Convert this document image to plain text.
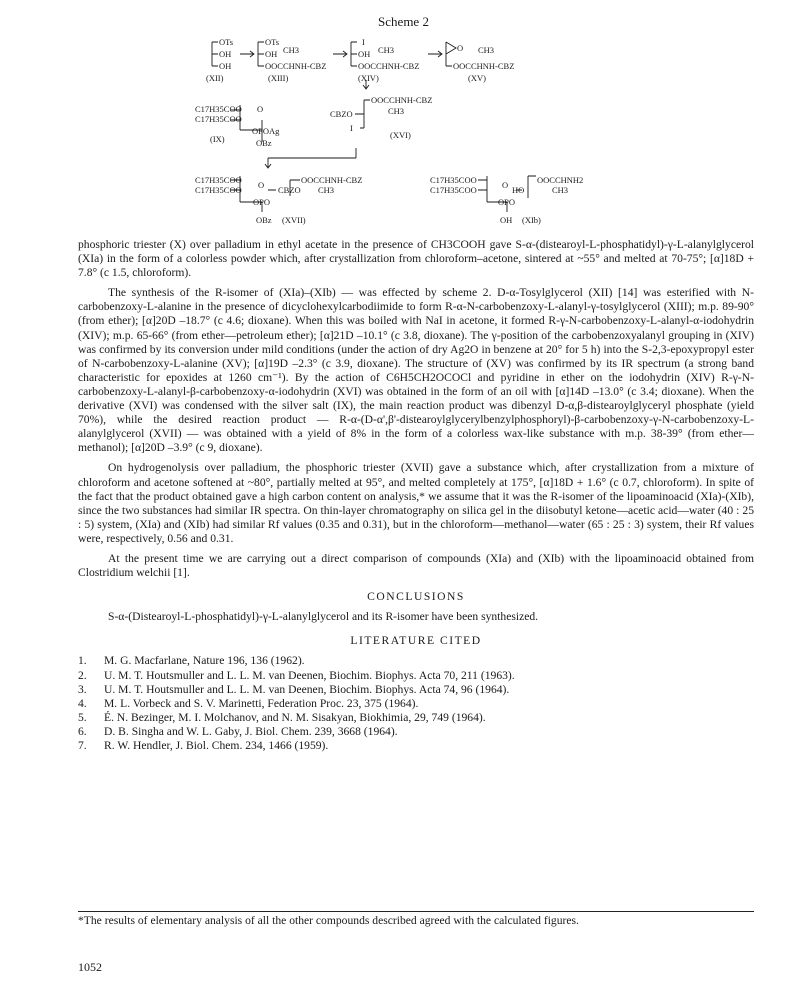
Scheme 2
OTs
OH
OH
(XII)
OTs
OH CH3
OOCCHNH-CBZ
(XIII)
I
OH CH3
OOCCHNH-CBZ
(XIV)
O CH3
OOCCHNH-CBZ
(XV)
C17H35COO
C17H35COO
O
OPOAg
OBz
(IX)
OOCCHNH-CBZ
CH3
CBZO
I
(XVI)
C17H35COO
C17H35COO O CBZO
OPO
OBz
OOCCHNH-CBZ
CH3
(XVII)
C17H35COO
C17H35COO	O HO
OPO
OH
OOCCHNH2
CH3
(XIb)

phosphoric triester (X) over palladium in ethyl acetate in the presence of CH3COOH gave S-α-(distearoyl-L-phosphatidyl)-γ-L-alanylglycerol (XIa) in the form of a colorless powder which, after crystallization from chloroform–acetone, sintered at ~55° and melted at 70-75°; [α]18D + 7.8° (c 1.5, chloroform).

The synthesis of the R-isomer of (XIa)–(XIb) — was effected by scheme 2. D-α-Tosylglycerol (XII) [14] was esterified with N-carbobenzoxy-L-alanine in the presence of dicyclohexylcarbodiimide to form R-α-N-carbobenzoxy-L-alanyl-γ-tosylglycerol (XIII); m.p. 89-90° (from ether); [α]20D –18.7° (c 4.6; dioxane). When this was boiled with NaI in acetone, it formed R-γ-N-carbobenzoxy-L-alanyl-α-iodohydrin (XIV); m.p. 65-66° (from ether—petroleum ether); [α]21D –10.1° (c 3.8, dioxane). The γ-position of the carbobenzoxyalanyl grouping in (XIV) was confirmed by its conversion under mild conditions (under the action of dry Ag2O in benzene at 20° for 5 h) into the S-2,3-epoxypropyl ester of N-carbobenzoxy-L-alanine (XV); [α]19D –2.3° (c 3.9, dioxane). The structure of (XV) was confirmed by its IR spectrum (a strong band characteristic for epoxides at 1260 cm⁻¹). By the action of C6H5CH2OCOCl and pyridine in ether on the iodohydrin (XIV) R-γ-N-carbobenzoxy-L-alanyl-β-carbobenzoxy-α-iodohydrin (XVI) was obtained in the form of an oil with [α]14D –13.0° (c 3.4; dioxane). When the derivative (XVI) was condensed with the silver salt (IX), the main reaction product was dibenzyl D-α,β-distearoylglyceryl phosphate (yield 70%), while the desired reaction product — R-α-(D-α',β'-distearoylglycerylbenzylphosphoryl)-β-carbobenzoxy-γ-N-carbobenzoxy-L-alanylglycerol (XVII) — was obtained with a yield of 8% in the form of a colorless wax-like substance with m.p. 38-39° (from ether—methanol); [α]20D –3.9° (c 9, dioxane).

On hydrogenolysis over palladium, the phosphoric triester (XVII) gave a substance which, after crystallization from a mixture of chloroform and acetone softened at ~80°, partially melted at 95°, and melted completely at 175°, [α]18D + 1.6° (c 0.7, chloroform). In spite of the fact that the product obtained gave a high carbon content on analysis,* we assume that it was the R-isomer of the lipoaminoacid (XIa)-(XIb), since the two substances had similar IR spectra. On thin-layer chromatography on silica gel in the diisobutyl ketone—acetic acid—water (40 : 25 : 5) system, (XIa) and (XIb) had similar Rf values (0.35 and 0.31), but in the chloroform—methanol—water (65 : 25 : 3) system, their Rf values were, respectively, 0.56 and 0.31.

At the present time we are carrying out a direct comparison of compounds (XIa) and (XIb) with the lipoaminoacid obtained from Clostridium welchii [1].

CONCLUSIONS

S-α-(Distearoyl-L-phosphatidyl)-γ-L-alanylglycerol and its R-isomer have been synthesized.

LITERATURE CITED

1.	M. G. Macfarlane, Nature 196, 136 (1962).
2.	U. M. T. Houtsmuller and L. L. M. van Deenen, Biochim. Biophys. Acta 70, 211 (1963).
3.	U. M. T. Houtsmuller and L. L. M. van Deenen, Biochim. Biophys. Acta 74, 96 (1964).
4.	M. L. Vorbeck and S. V. Marinetti, Federation Proc. 23, 375 (1964).
5.	É. N. Bezinger, M. I. Molchanov, and N. M. Sisakyan, Biokhimia, 29, 749 (1964).
6.	D. B. Singha and W. L. Gaby, J. Biol. Chem. 239, 3668 (1964).
7.	R. W. Hendler, J. Biol. Chem. 234, 1466 (1959).
*The results of elementary analysis of all the other compounds described agreed with the calculated figures.
1052
